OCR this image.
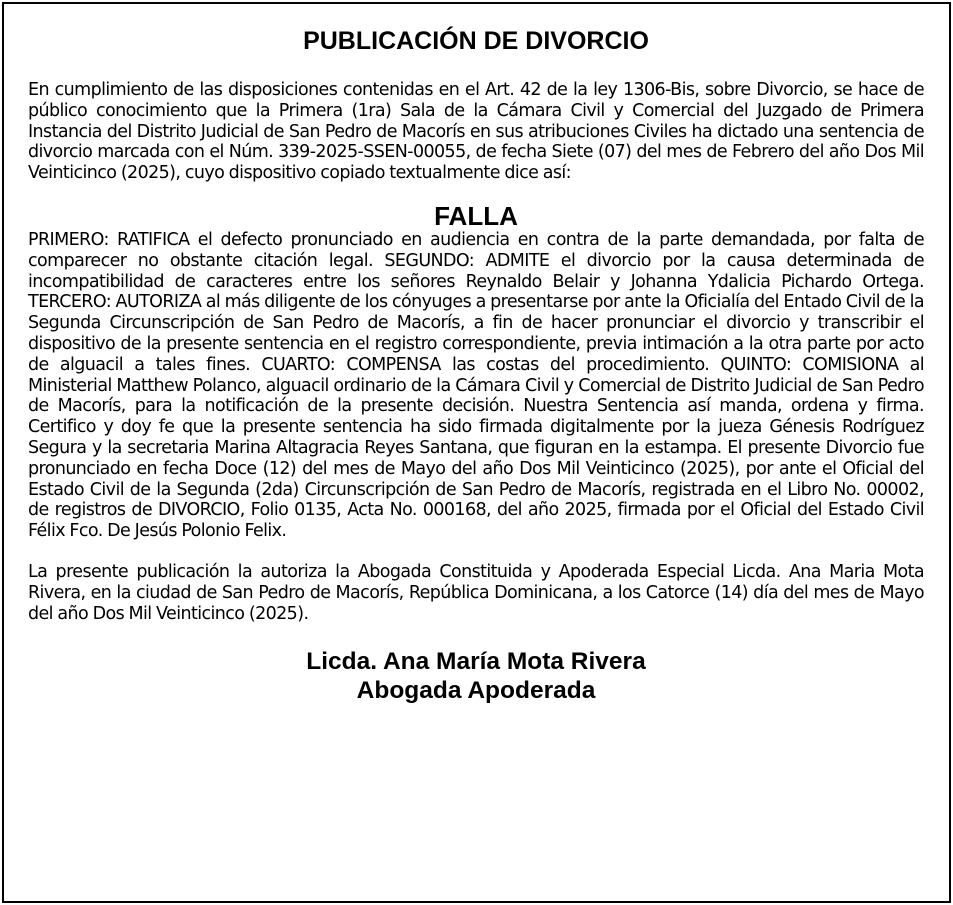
PUBLICACIÓN DE DIVORCIO

En cumplimiento de las disposiciones contenidas en el Art. 42 de la ley 1306-Bis, sobre Divorcio, se hace de público conocimiento que la Primera (1ra) Sala de la Cámara Civil y Comercial del Juzgado de Primera Instancia del Distrito Judicial de San Pedro de Macorís en sus atribuciones Civiles ha dictado una sentencia de divorcio marcada con el Núm. 339-2025-SSEN-00055, de fecha Siete (07) del mes de Febrero del año Dos Mil Veinticinco (2025), cuyo dispositivo copiado textualmente dice así:

FALLA

PRIMERO: RATIFICA el defecto pronunciado en audiencia en contra de la parte demandada, por falta de comparecer no obstante citación legal. SEGUNDO: ADMITE el divorcio por la causa determinada de incompatibilidad de caracteres entre los señores Reynaldo Belair y Johanna Ydalicia Pichardo Ortega. TERCERO: AUTORIZA al más diligente de los cónyuges a presentarse por ante la Oficialía del Entado Civil de la Segunda Circunscripción de San Pedro de Macorís, a fin de hacer pronunciar el divorcio y transcribir el dispositivo de la presente sentencia en el registro correspondiente, previa intimación a la otra parte por acto de alguacil a tales fines. CUARTO: COMPENSA las costas del procedimiento. QUINTO: COMISIONA al Ministerial Matthew Polanco, alguacil ordinario de la Cámara Civil y Comercial de Distrito Judicial de San Pedro de Macorís, para la notificación de la presente decisión. Nuestra Sentencia así manda, ordena y firma. Certifico y doy fe que la presente sentencia ha sido firmada digitalmente por la jueza Génesis Rodríguez Segura y la secretaria Marina Altagracia Reyes Santana, que figuran en la estampa. El presente Divorcio fue pronunciado en fecha Doce (12) del mes de Mayo del año Dos Mil Veinticinco (2025), por ante el Oficial del Estado Civil de la Segunda (2da) Circunscripción de San Pedro de Macorís, registrada en el Libro No. 00002, de registros de DIVORCIO, Folio 0135, Acta No. 000168, del año 2025, firmada por el Oficial del Estado Civil Félix Fco. De Jesús Polonio Felix.

La presente publicación la autoriza la Abogada Constituida y Apoderada Especial Licda. Ana Maria Mota Rivera, en la ciudad de San Pedro de Macorís, República Dominicana, a los Catorce (14) día del mes de Mayo del año Dos Mil Veinticinco (2025).

Licda. Ana María Mota Rivera
Abogada Apoderada
